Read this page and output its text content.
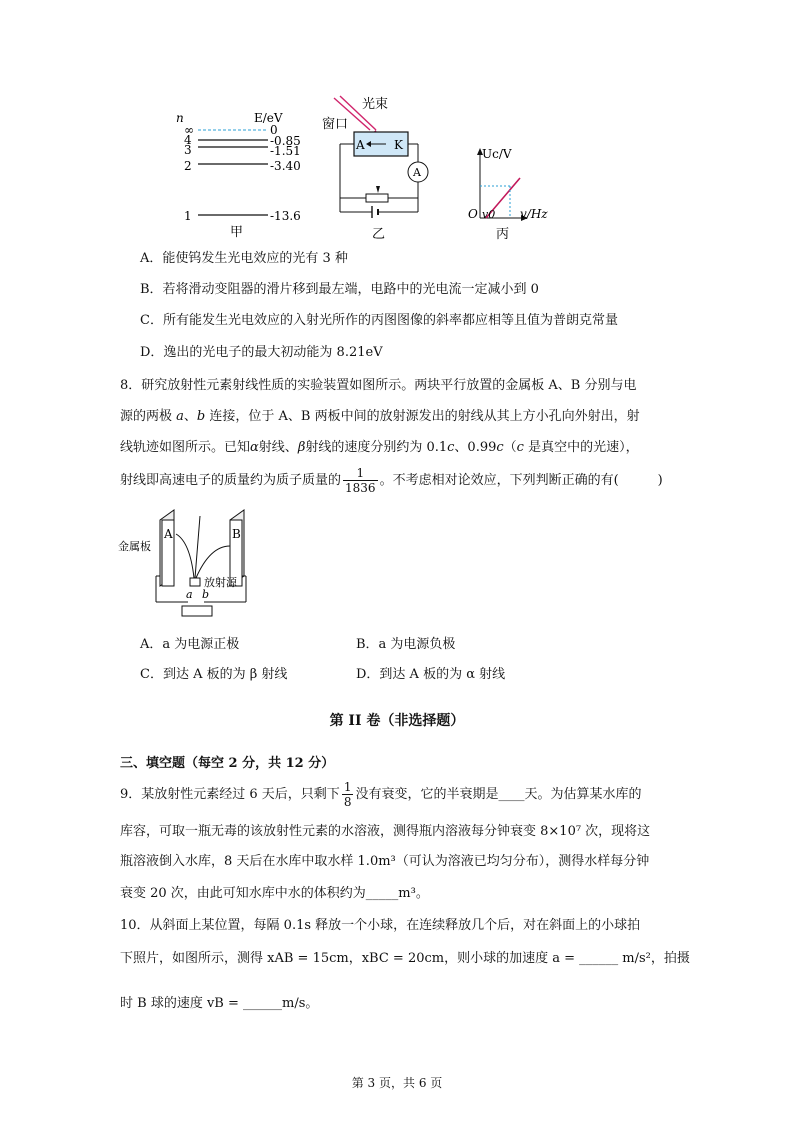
n	E/eV
∞	0
4	-0.85
3	-1.51
2	-3.40
1	-13.6
甲
光束
窗口
A K
A
乙
Uc/V
O v0 v/Hz
丙
A．能使钨发生光电效应的光有 3 种
B．若将滑动变阻器的滑片移到最左端，电路中的光电流一定减小到 0
C．所有能发生光电效应的入射光所作的丙图图像的斜率都应相等且值为普朗克常量
D．逸出的光电子的最大初动能为 8.21eV
8．研究放射性元素射线性质的实验装置如图所示。两块平行放置的金属板 A、B 分别与电
源的两极 a、b 连接，位于 A、B 两板中间的放射源发出的射线从其上方小孔向外射出，射
线轨迹如图所示。已知α射线、β射线的速度分别约为 0.1c、0.99c（c 是真空中的光速），
射线即高速电子的质量约为质子质量的 $\frac{1}{1836}$ 。不考虑相对论效应，下列判断正确的有(　　　)
金属板
A	B
放射源
a b
A．a 为电源正极	B．a 为电源负极
C．到达 A 板的为 β 射线	D．到达 A 板的为 α 射线
第 II 卷（非选择题）
三、填空题（每空 2 分，共 12 分）
9．某放射性元素经过 6 天后，只剩下 $\frac{1}{8}$ 没有衰变，它的半衰期是____天。为估算某水库的
库容，可取一瓶无毒的该放射性元素的水溶液，测得瓶内溶液每分钟衰变 8×10⁷ 次，现将这
瓶溶液倒入水库，8 天后在水库中取水样 1.0m³（可认为溶液已均匀分布），测得水样每分钟
衰变 20 次，由此可知水库中水的体积约为_____m³。
10．从斜面上某位置，每隔 0.1s 释放一个小球，在连续释放几个后，对在斜面上的小球拍
下照片，如图所示，测得 xAB = 15cm，xBC = 20cm，则小球的加速度 a = ______ m/s²，拍摄
时 B 球的速度 vB = ______m/s。
第 3 页，共 6 页
